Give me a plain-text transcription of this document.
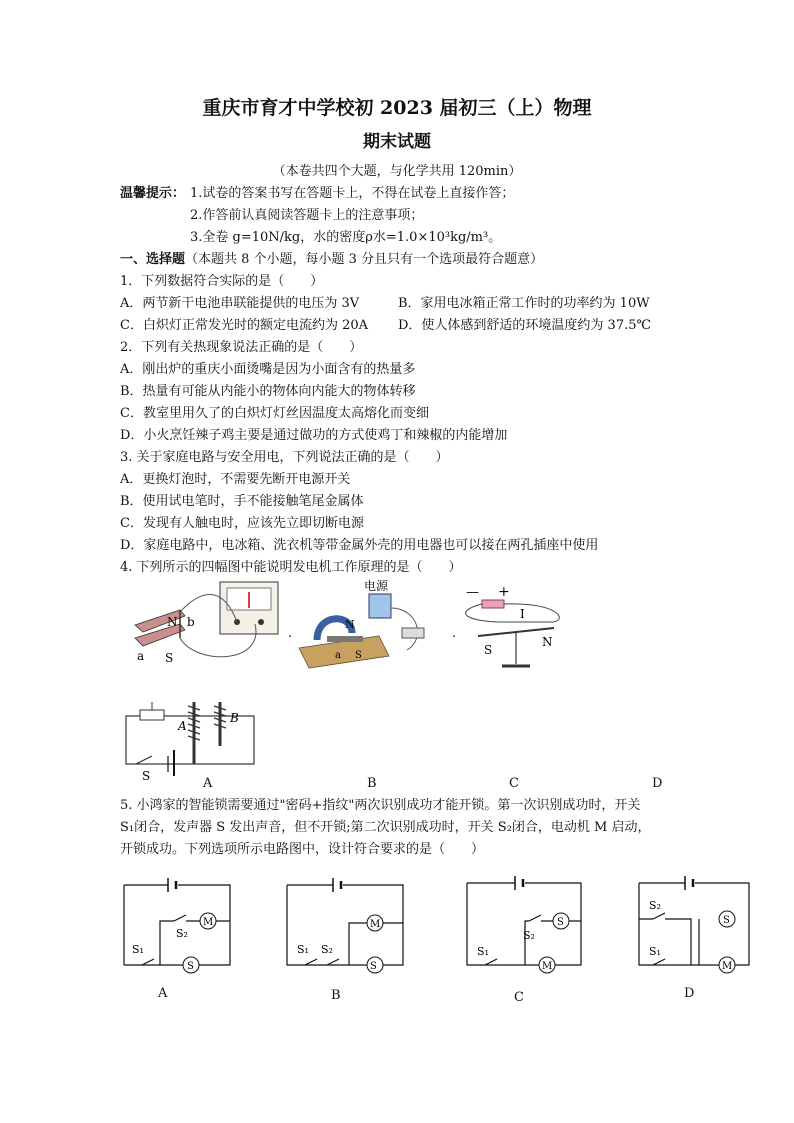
重庆市育才中学校初 2023 届初三（上）物理
期末试题
（本卷共四个大题，与化学共用 120min）
温馨提示： 1.试卷的答案书写在答题卡上，不得在试卷上直接作答；
2.作答前认真阅读答题卡上的注意事项；
3.全卷 g=10N/kg，水的密度ρ水=1.0×10³kg/m³。
一、选择题（本题共 8 个小题，每小题 3 分且只有一个选项最符合题意）
1．下列数据符合实际的是（　　）
A．两节新干电池串联能提供的电压为 3V	B．家用电冰箱正常工作时的功率约为 10W
C．白炽灯正常发光时的额定电流约为 20A D．使人体感到舒适的环境温度约为 37.5℃
2．下列有关热现象说法正确的是（　　）
A．刚出炉的重庆小面烫嘴是因为小面含有的热量多
B．热量有可能从内能小的物体向内能大的物体转移
C．教室里用久了的白炽灯灯丝因温度太高熔化而变细
D．小火烹饪辣子鸡主要是通过做功的方式使鸡丁和辣椒的内能增加
3. 关于家庭电路与安全用电，下列说法正确的是（　　）
A．更换灯泡时，不需要先断开电源开关
B．使用试电笔时，手不能接触笔尾金属体
C．发现有人触电时，应该先立即切断电源
D．家庭电路中，电冰箱、洗衣机等带金属外壳的用电器也可以接在两孔插座中使用
4. 下列所示的四幅图中能说明发电机工作原理的是（　　）
N b
a S
.
电源
N
a S
.
— +
I
S
N
A
B
S	A	B	C	D
5. 小鸿家的智能锁需要通过"密码+指纹"两次识别成功才能开锁。第一次识别成功时，开关
S₁闭合，发声器 S 发出声音，但不开锁;第二次识别成功时，开关 S₂闭合，电动机 M 启动，
开锁成功。下列选项所示电路图中，设计符合要求的是（　　）
S
S₁
M
S₂
S
M
S₁ S₂
M
S
S₁
S₂
S
M
S₂
S₁
A	B	C	D
